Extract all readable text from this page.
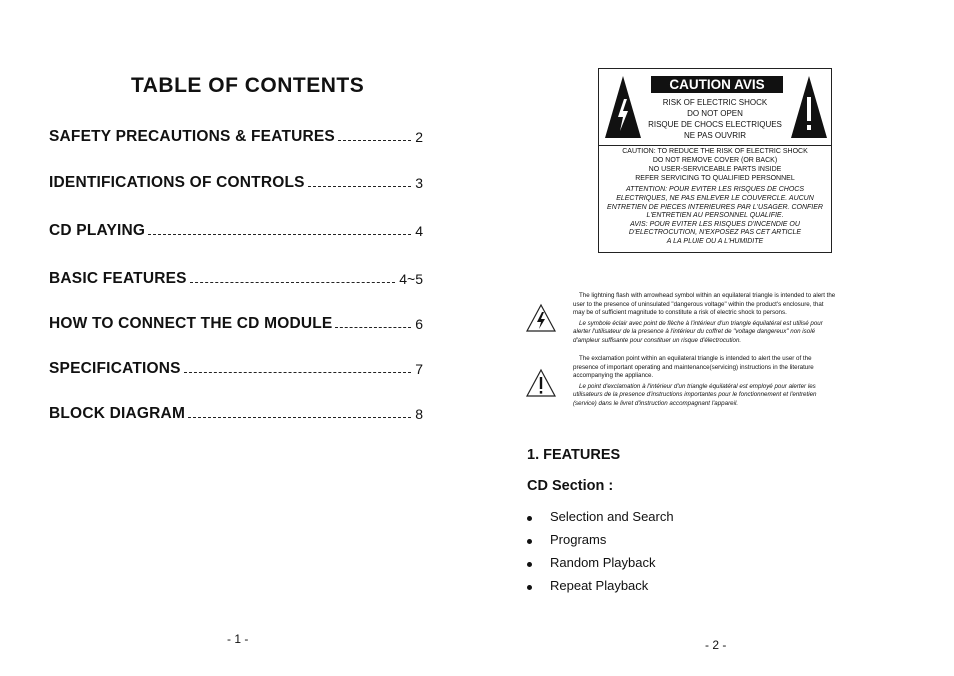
TABLE OF CONTENTS
SAFETY PRECAUTIONS & FEATURES	2
IDENTIFICATIONS OF CONTROLS	3
CD PLAYING	4
BASIC FEATURES	4~5
HOW TO CONNECT THE CD MODULE	6
SPECIFICATIONS	7
BLOCK DIAGRAM	8
- 1 -
CAUTION AVIS
RISK OF ELECTRIC SHOCK
DO NOT OPEN
RISQUE DE CHOCS ELECTRIQUES
NE PAS OUVRIR
CAUTION: TO REDUCE THE RISK OF ELECTRIC SHOCK
DO NOT REMOVE COVER (OR BACK)
NO USER-SERVICEABLE PARTS INSIDE
REFER SERVICING TO QUALIFIED PERSONNEL
ATTENTION: POUR EVITER LES RISQUES DE CHOCS
ELECTRIQUES, NE PAS ENLEVER LE COUVERCLE. AUCUN
ENTRETIEN DE PIECES INTERIEURES PAR L'USAGER. CONFIER
L'ENTRETIEN AU PERSONNEL QUALIFIE.
AVIS: POUR EVITER LES RISQUES D'INCENDIE OU
D'ELECTROCUTION, N'EXPOSEZ PAS CET ARTICLE
A LA PLUIE OU A L'HUMIDITE
The lightning flash with arrowhead symbol within an equilateral triangle is intended to alert the
user to the presence of uninsulated "dangerous voltage" within the product's enclosure, that
may be of sufficient magnitude to constitute a risk of electric shock to persons.
Le symbole éclair avec point de flèche à l'intérieur d'un triangle équilatéral est utilisé pour
alerter l'utilisateur de la presence à l'intérieur du coffret de "voltage dangereux" non isolé
d'ampleur suffisante pour constituer un risque d'électrocution.
The exclamation point within an equilateral triangle is intended to alert the user of the
presence of important operating and maintenance(servicing) instructions in the literature
accompanying the appliance.
Le point d'exclamation à l'intérieur d'un triangle équilatéral est employé pour alerter les
utilisateurs de la presence d'instructions importantes pour le fonctionnement et l'entretien
(service) dans le livret d'instruction accompagnant l'appareil.
1. FEATURES
CD Section :
Selection and Search
Programs
Random Playback
Repeat Playback
- 2 -
